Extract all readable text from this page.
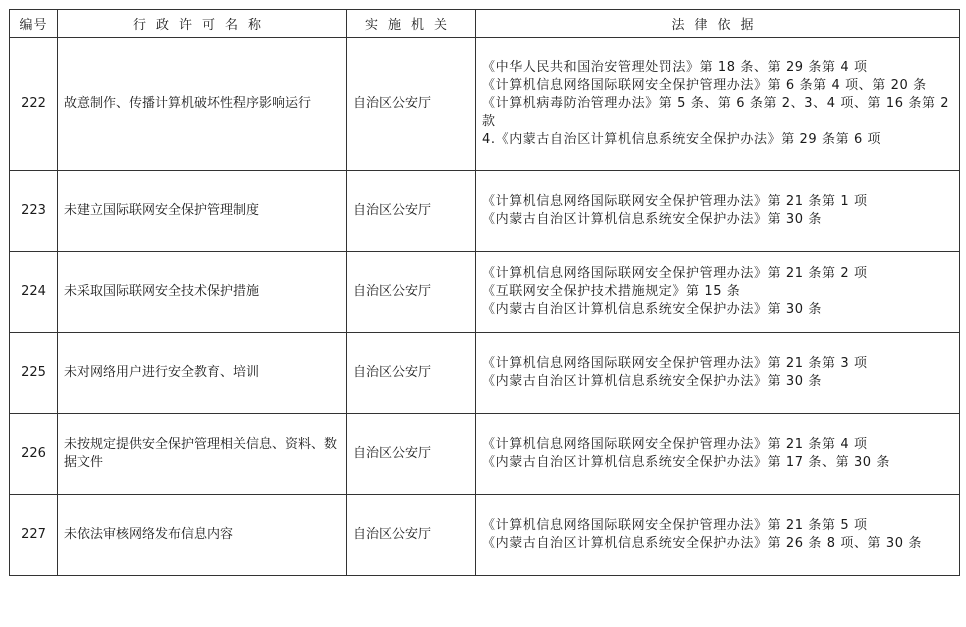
编号	行政许可名称	实施机关	法律依据
222	故意制作、传播计算机破坏性程序影响运行	自治区公安厅	《中华人民共和国治安管理处罚法》第 18 条、第 29 条第 4 项
《计算机信息网络国际联网安全保护管理办法》第 6 条第 4 项、第 20 条
《计算机病毒防治管理办法》第 5 条、第 6 条第 2、3、4 项、第 16 条第 2 款
4.《内蒙古自治区计算机信息系统安全保护办法》第 29 条第 6 项

223	未建立国际联网安全保护管理制度	自治区公安厅	《计算机信息网络国际联网安全保护管理办法》第 21 条第 1 项
《内蒙古自治区计算机信息系统安全保护办法》第 30 条

224	未采取国际联网安全技术保护措施	自治区公安厅	《计算机信息网络国际联网安全保护管理办法》第 21 条第 2 项
《互联网安全保护技术措施规定》第 15 条
《内蒙古自治区计算机信息系统安全保护办法》第 30 条

225	未对网络用户进行安全教育、培训	自治区公安厅	《计算机信息网络国际联网安全保护管理办法》第 21 条第 3 项
《内蒙古自治区计算机信息系统安全保护办法》第 30 条

226	未按规定提供安全保护管理相关信息、资料、数据文件	自治区公安厅	《计算机信息网络国际联网安全保护管理办法》第 21 条第 4 项
《内蒙古自治区计算机信息系统安全保护办法》第 17 条、第 30 条

227	未依法审核网络发布信息内容	自治区公安厅	《计算机信息网络国际联网安全保护管理办法》第 21 条第 5 项
《内蒙古自治区计算机信息系统安全保护办法》第 26 条 8 项、第 30 条
